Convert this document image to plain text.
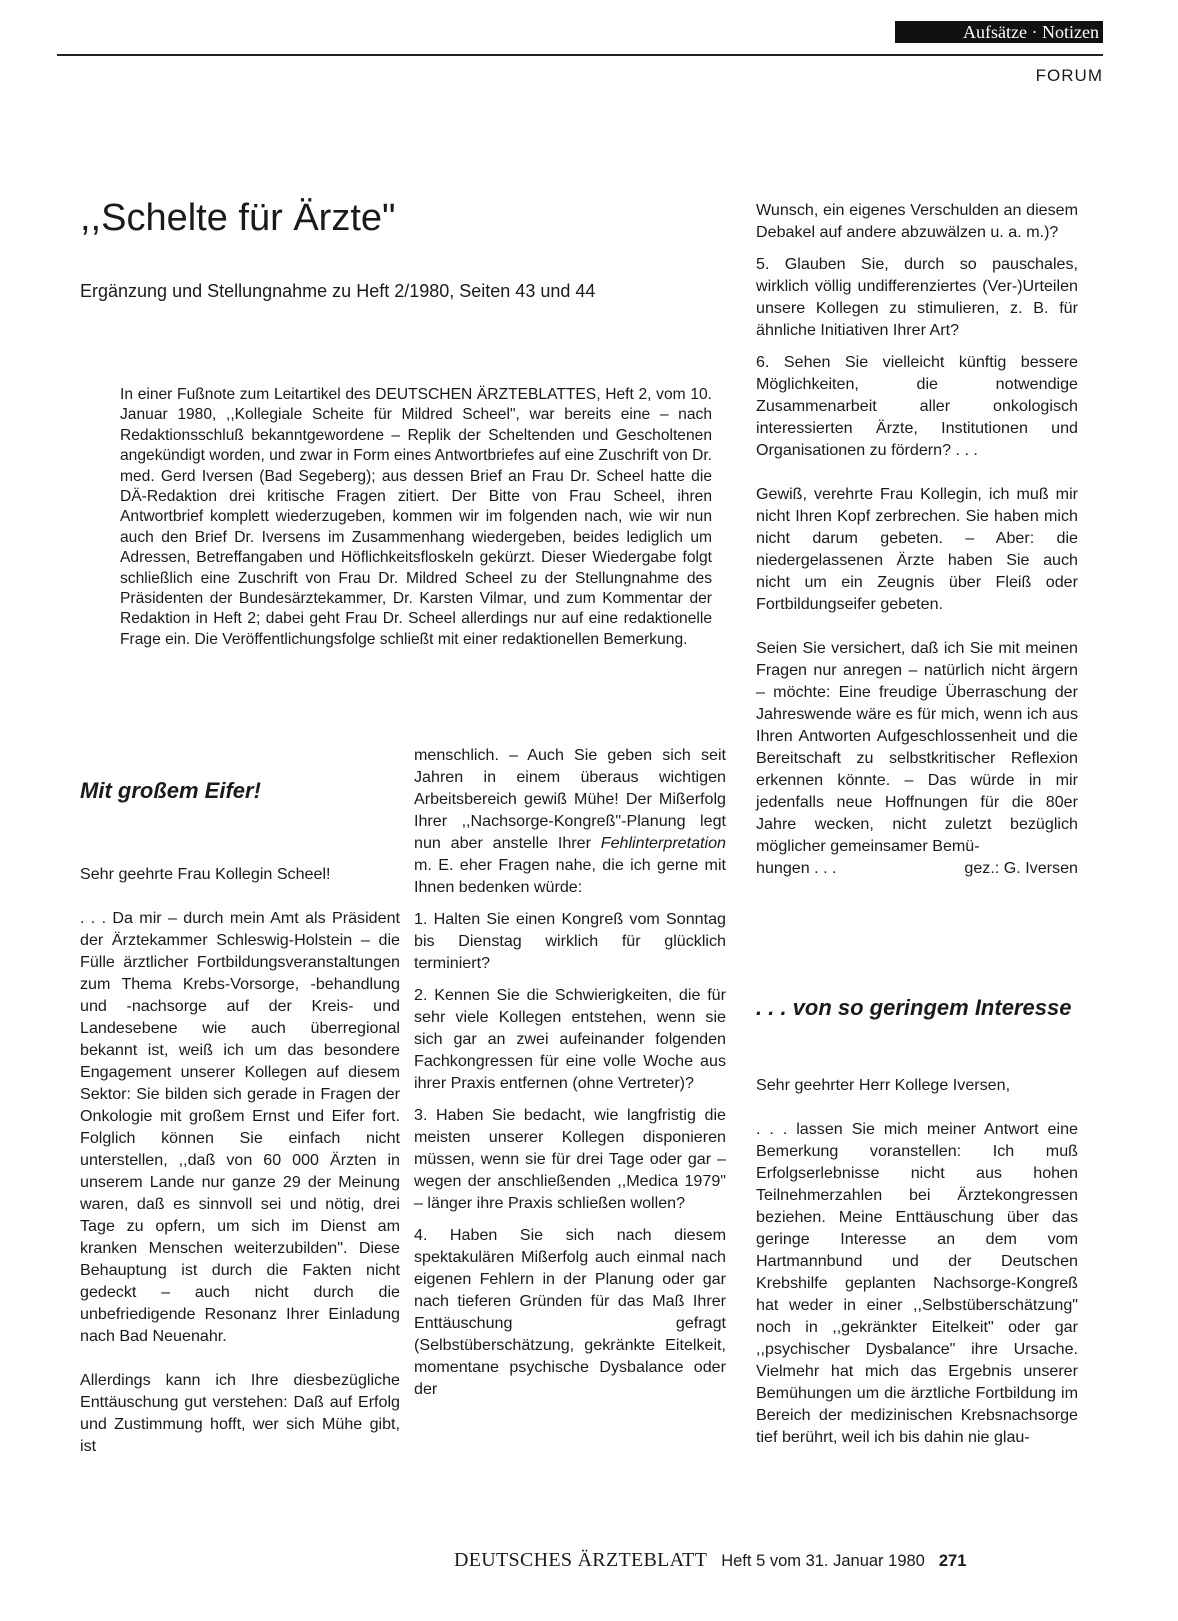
Aufsätze · Notizen
FORUM
,,Schelte für Ärzte"
Ergänzung und Stellungnahme zu Heft 2/1980, Seiten 43 und 44

In einer Fußnote zum Leitartikel des DEUTSCHEN ÄRZTEBLATTES, Heft 2, vom 10. Januar 1980, ,,Kollegiale Scheite für Mildred Scheel", war bereits eine – nach Redaktionsschluß bekanntgewordene – Replik der Scheltenden und Gescholtenen angekündigt worden, und zwar in Form eines Antwortbriefes auf eine Zuschrift von Dr. med. Gerd Iversen (Bad Segeberg); aus dessen Brief an Frau Dr. Scheel hatte die DÄ-Redaktion drei kritische Fragen zitiert. Der Bitte von Frau Scheel, ihren Antwortbrief komplett wiederzugeben, kommen wir im folgenden nach, wie wir nun auch den Brief Dr. Iversens im Zusammenhang wiedergeben, beides lediglich um Adressen, Betreffangaben und Höflichkeitsfloskeln gekürzt. Dieser Wiedergabe folgt schließlich eine Zuschrift von Frau Dr. Mildred Scheel zu der Stellungnahme des Präsidenten der Bundesärztekammer, Dr. Karsten Vilmar, und zum Kommentar der Redaktion in Heft 2; dabei geht Frau Dr. Scheel allerdings nur auf eine redaktionelle Frage ein. Die Veröffentlichungsfolge schließt mit einer redaktionellen Bemerkung.

Mit großem Eifer!

Sehr geehrte Frau Kollegin Scheel!

. . . Da mir – durch mein Amt als Präsident der Ärztekammer Schleswig-Holstein – die Fülle ärztlicher Fortbildungsveranstaltungen zum Thema Krebs-Vorsorge, -behandlung und -nachsorge auf der Kreis- und Landesebene wie auch überregional bekannt ist, weiß ich um das besondere Engagement unserer Kollegen auf diesem Sektor: Sie bilden sich gerade in Fragen der Onkologie mit großem Ernst und Eifer fort. Folglich können Sie einfach nicht unterstellen, ,,daß von 60 000 Ärzten in unserem Lande nur ganze 29 der Meinung waren, daß es sinnvoll sei und nötig, drei Tage zu opfern, um sich im Dienst am kranken Menschen weiterzubilden". Diese Behauptung ist durch die Fakten nicht gedeckt – auch nicht durch die unbefriedigende Resonanz Ihrer Einladung nach Bad Neuenahr.

Allerdings kann ich Ihre diesbezügliche Enttäuschung gut verstehen: Daß auf Erfolg und Zustimmung hofft, wer sich Mühe gibt, ist

menschlich. – Auch Sie geben sich seit Jahren in einem überaus wichtigen Arbeitsbereich gewiß Mühe! Der Mißerfolg Ihrer ,,Nachsorge-Kongreß"-Planung legt nun aber anstelle Ihrer Fehlinterpretation m. E. eher Fragen nahe, die ich gerne mit Ihnen bedenken würde:

1. Halten Sie einen Kongreß vom Sonntag bis Dienstag wirklich für glücklich terminiert?

2. Kennen Sie die Schwierigkeiten, die für sehr viele Kollegen entstehen, wenn sie sich gar an zwei aufeinander folgenden Fachkongressen für eine volle Woche aus ihrer Praxis entfernen (ohne Vertreter)?

3. Haben Sie bedacht, wie langfristig die meisten unserer Kollegen disponieren müssen, wenn sie für drei Tage oder gar – wegen der anschließenden ,,Medica 1979" – länger ihre Praxis schließen wollen?

4. Haben Sie sich nach diesem spektakulären Mißerfolg auch einmal nach eigenen Fehlern in der Planung oder gar nach tieferen Gründen für das Maß Ihrer Enttäuschung gefragt (Selbstüberschätzung, gekränkte Eitelkeit, momentane psychische Dysbalance oder der

Wunsch, ein eigenes Verschulden an diesem Debakel auf andere abzuwälzen u. a. m.)?

5. Glauben Sie, durch so pauschales, wirklich völlig undifferenziertes (Ver-)Urteilen unsere Kollegen zu stimulieren, z. B. für ähnliche Initiativen Ihrer Art?

6. Sehen Sie vielleicht künftig bessere Möglichkeiten, die notwendige Zusammenarbeit aller onkologisch interessierten Ärzte, Institutionen und Organisationen zu fördern? . . .

Gewiß, verehrte Frau Kollegin, ich muß mir nicht Ihren Kopf zerbrechen. Sie haben mich nicht darum gebeten. – Aber: die niedergelassenen Ärzte haben Sie auch nicht um ein Zeugnis über Fleiß oder Fortbildungseifer gebeten.

Seien Sie versichert, daß ich Sie mit meinen Fragen nur anregen – natürlich nicht ärgern – möchte: Eine freudige Überraschung der Jahreswende wäre es für mich, wenn ich aus Ihren Antworten Aufgeschlossenheit und die Bereitschaft zu selbstkritischer Reflexion erkennen könnte. – Das würde in mir jedenfalls neue Hoffnungen für die 80er Jahre wecken, nicht zuletzt bezüglich möglicher gemeinsamer Bemü-

hungen . . .	gez.: G. Iversen
. . . von so geringem Interesse

Sehr geehrter Herr Kollege Iversen,

. . . lassen Sie mich meiner Antwort eine Bemerkung voranstellen: Ich muß Erfolgserlebnisse nicht aus hohen Teilnehmerzahlen bei Ärztekongressen beziehen. Meine Enttäuschung über das geringe Interesse an dem vom Hartmannbund und der Deutschen Krebshilfe geplanten Nachsorge-Kongreß hat weder in einer ,,Selbstüberschätzung" noch in ,,gekränkter Eitelkeit" oder gar ,,psychischer Dysbalance" ihre Ursache. Vielmehr hat mich das Ergebnis unserer Bemühungen um die ärztliche Fortbildung im Bereich der medizinischen Krebsnachsorge tief berührt, weil ich bis dahin nie glau-

DEUTSCHES ÄRZTEBLATT Heft 5 vom 31. Januar 1980 271
